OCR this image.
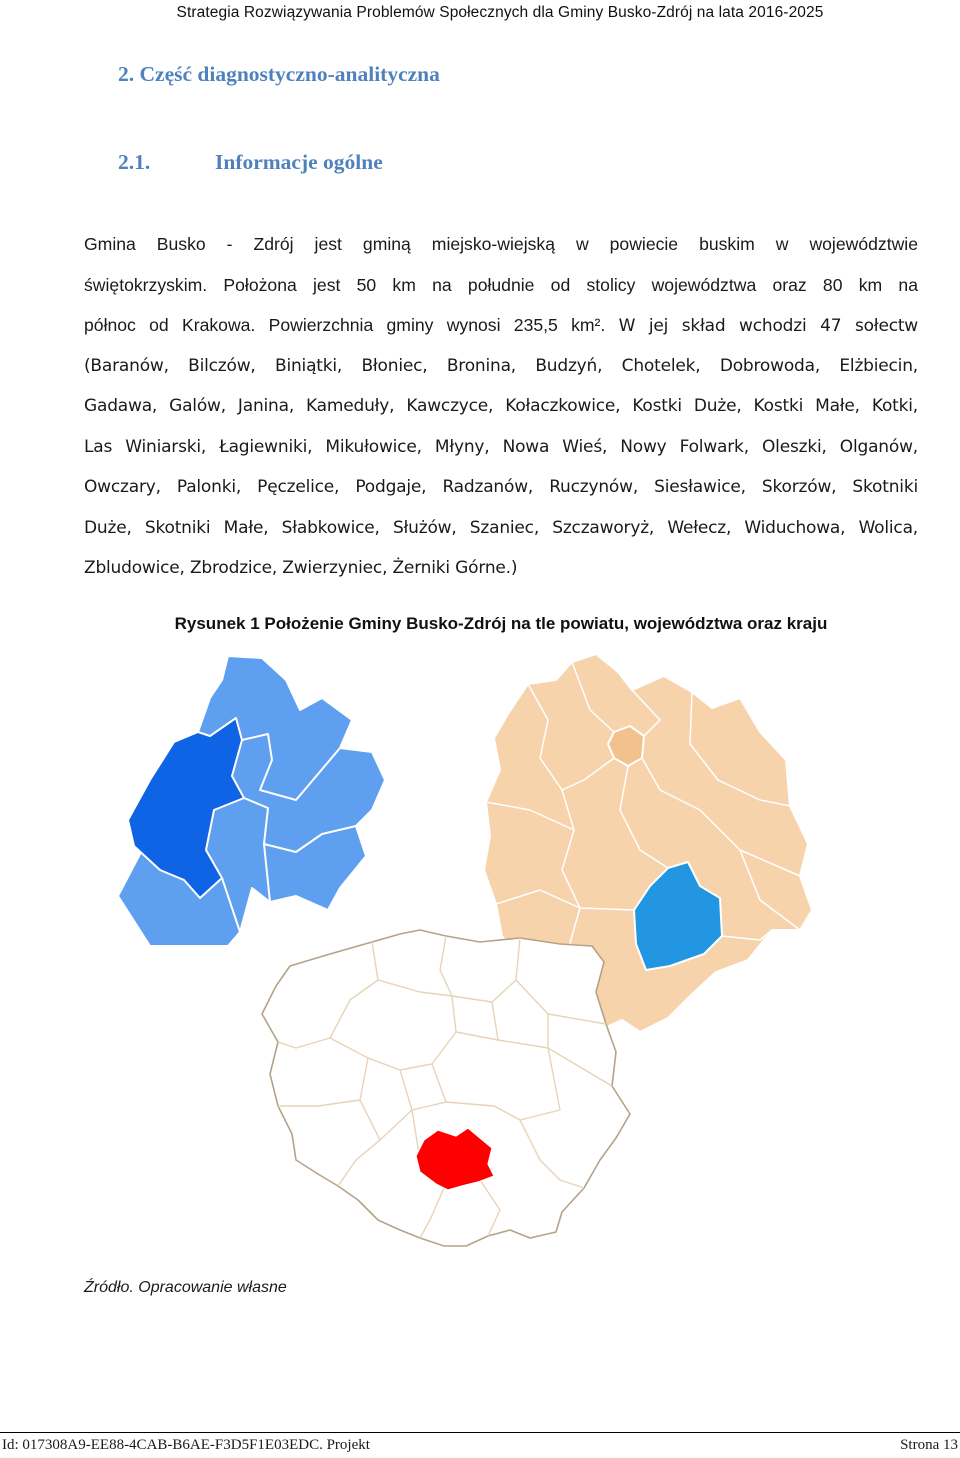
Strategia Rozwiązywania Problemów Społecznych dla Gminy Busko-Zdrój na lata 2016-2025
2. Część diagnostyczno-analityczna
2.1.	Informacje ogólne
Gmina Busko - Zdrój jest gminą miejsko-wiejską w powiecie buskim w województwie
świętokrzyskim. Położona jest 50 km na południe od stolicy województwa oraz 80 km na
północ od Krakowa. Powierzchnia gminy wynosi 235,5 km². W jej skład wchodzi 47 sołectw
(Baranów, Bilczów, Biniątki, Błoniec, Bronina, Budzyń, Chotelek, Dobrowoda, Elżbiecin,
Gadawa, Galów, Janina, Kameduły, Kawczyce, Kołaczkowice, Kostki Duże, Kostki Małe, Kotki,
Las Winiarski, Łagiewniki, Mikułowice, Młyny, Nowa Wieś, Nowy Folwark, Oleszki, Olganów,
Owczary, Palonki, Pęczelice, Podgaje, Radzanów, Ruczynów, Siesławice, Skorzów, Skotniki
Duże, Skotniki Małe, Słabkowice, Służów, Szaniec, Szczaworyż, Wełecz, Widuchowa, Wolica,
Zbludowice, Zbrodzice, Zwierzyniec, Żerniki Górne.)
Rysunek 1 Położenie Gminy Busko-Zdrój na tle powiatu, województwa oraz kraju
Źródło. Opracowanie własne
Id: 017308A9-EE88-4CAB-B6AE-F3D5F1E03EDC. Projekt	Strona 13
